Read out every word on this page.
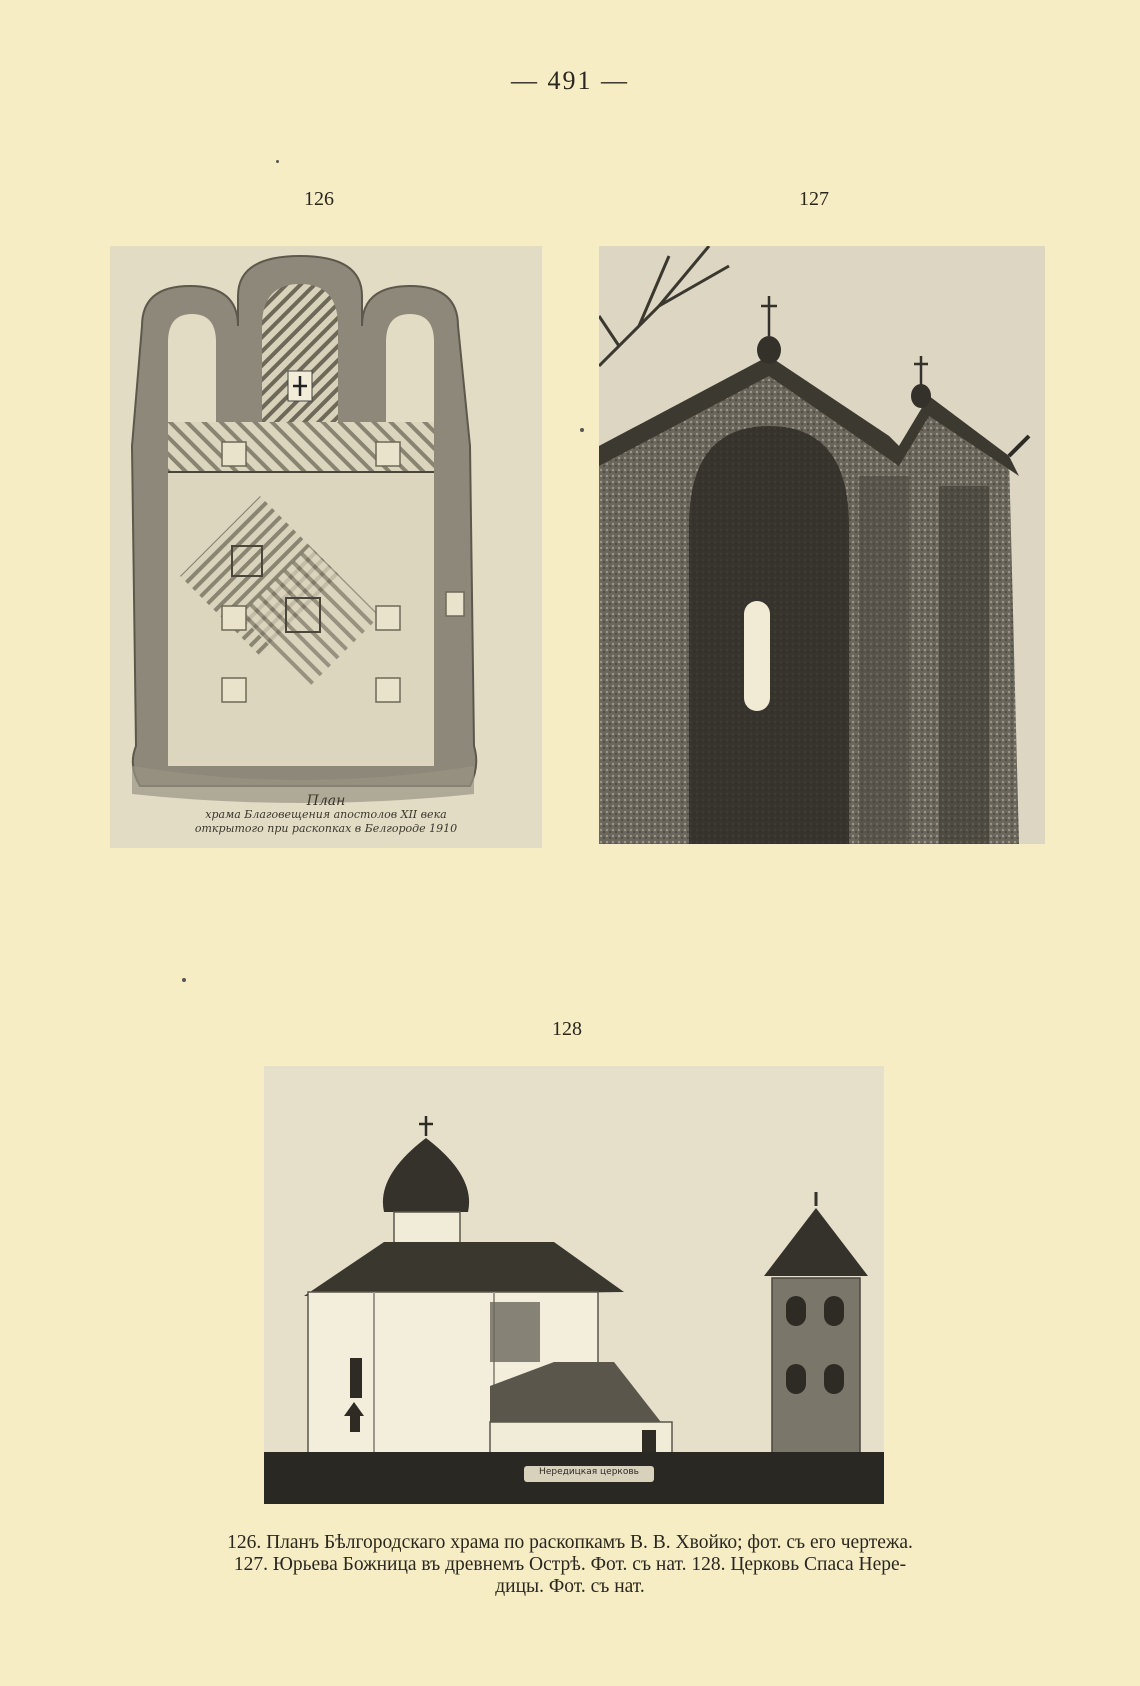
— 491 —
126	127
128
План
храма Благовещения апостолов XII века
открытого при раскопках в Белгороде 1910
Нередицкая церковь
126. Планъ Бѣлгородскаго храма по раскопкамъ В. В. Хвойко; фот. съ его чертежа.
127. Юрьева Божница въ древнемъ Острѣ. Фот. съ нат. 128. Церковь Спаса Нере-
дицы. Фот. съ нат.
